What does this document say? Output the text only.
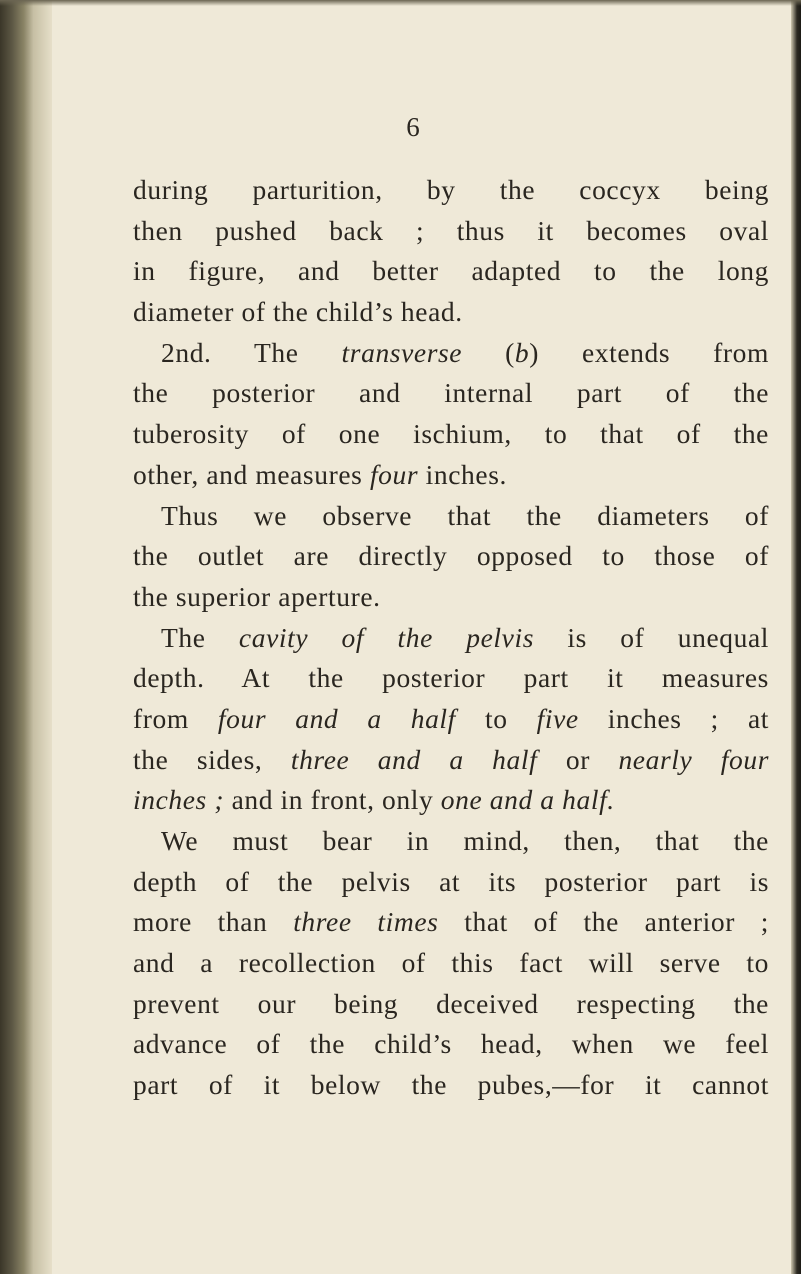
6
during parturition, by the coccyx being
then pushed back ; thus it becomes oval
in figure, and better adapted to the long
diameter of the child’s head.
2nd. The transverse (b) extends from
the posterior and internal part of the
tuberosity of one ischium, to that of the
other, and measures four inches.
Thus we observe that the diameters of
the outlet are directly opposed to those of
the superior aperture.
The cavity of the pelvis is of unequal
depth. At the posterior part it measures
from four and a half to five inches ; at
the sides, three and a half or nearly four
inches ; and in front, only one and a half.
We must bear in mind, then, that the
depth of the pelvis at its posterior part is
more than three times that of the anterior ;
and a recollection of this fact will serve to
prevent our being deceived respecting the
advance of the child’s head, when we feel
part of it below the pubes,—for it cannot
